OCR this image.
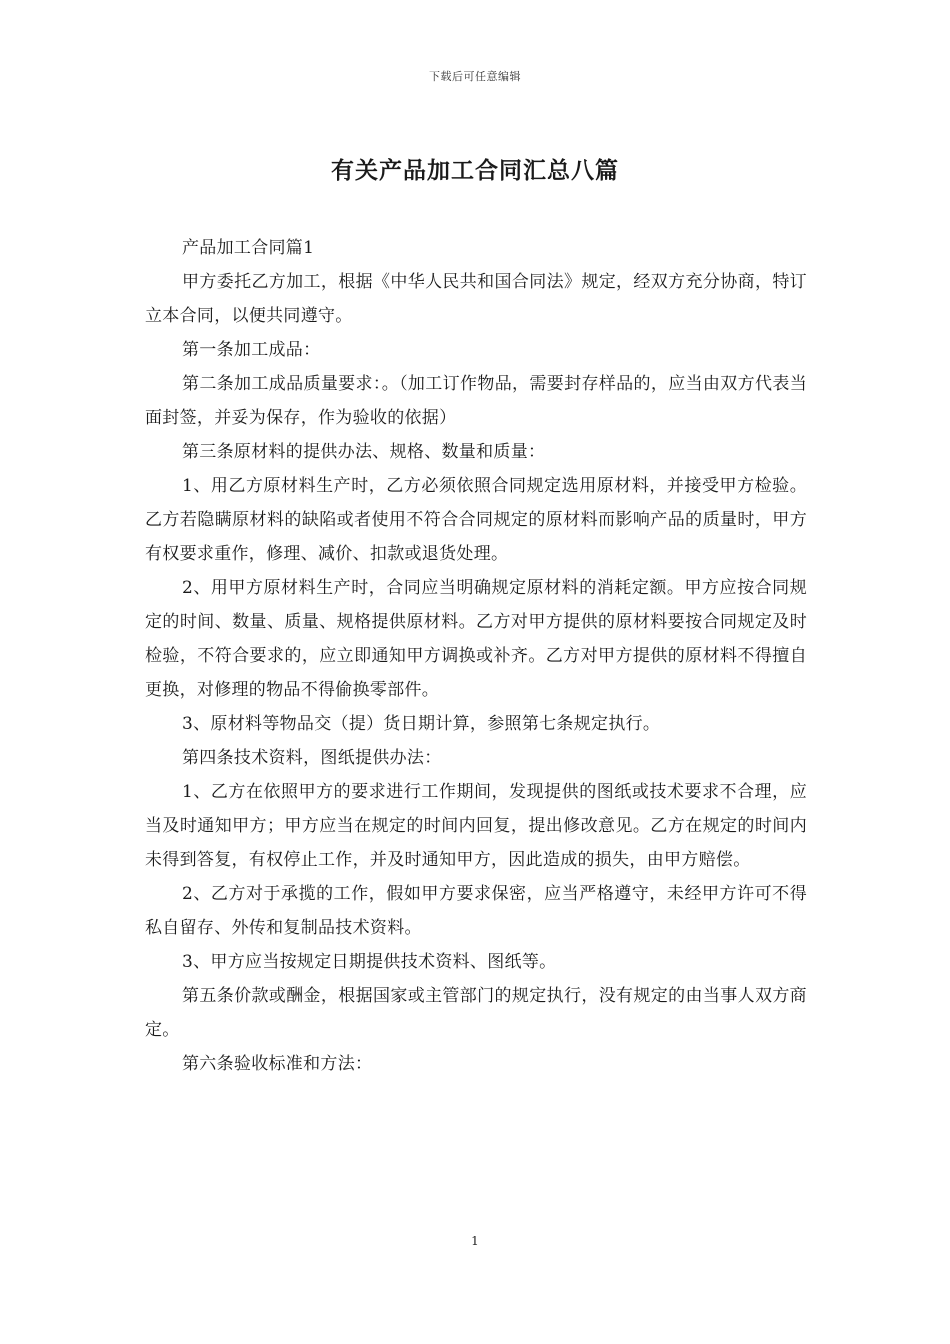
下载后可任意编辑
有关产品加工合同汇总八篇

产品加工合同篇1

甲方委托乙方加工，根据《中华人民共和国合同法》规定，经双方充分协商，特订立本合同，以便共同遵守。

第一条加工成品：

第二条加工成品质量要求：。（加工订作物品，需要封存样品的，应当由双方代表当面封签，并妥为保存，作为验收的依据）

第三条原材料的提供办法、规格、数量和质量：

1、用乙方原材料生产时，乙方必须依照合同规定选用原材料，并接受甲方检验。乙方若隐瞒原材料的缺陷或者使用不符合合同规定的原材料而影响产品的质量时，甲方有权要求重作，修理、减价、扣款或退货处理。

2、用甲方原材料生产时，合同应当明确规定原材料的消耗定额。甲方应按合同规定的时间、数量、质量、规格提供原材料。乙方对甲方提供的原材料要按合同规定及时检验，不符合要求的，应立即通知甲方调换或补齐。乙方对甲方提供的原材料不得擅自更换，对修理的物品不得偷换零部件。

3、原材料等物品交（提）货日期计算，参照第七条规定执行。

第四条技术资料，图纸提供办法：

1、乙方在依照甲方的要求进行工作期间，发现提供的图纸或技术要求不合理，应当及时通知甲方；甲方应当在规定的时间内回复，提出修改意见。乙方在规定的时间内未得到答复，有权停止工作，并及时通知甲方，因此造成的损失，由甲方赔偿。

2、乙方对于承揽的工作，假如甲方要求保密，应当严格遵守，未经甲方许可不得私自留存、外传和复制品技术资料。

3、甲方应当按规定日期提供技术资料、图纸等。

第五条价款或酬金，根据国家或主管部门的规定执行，没有规定的由当事人双方商定。

第六条验收标准和方法：

1
